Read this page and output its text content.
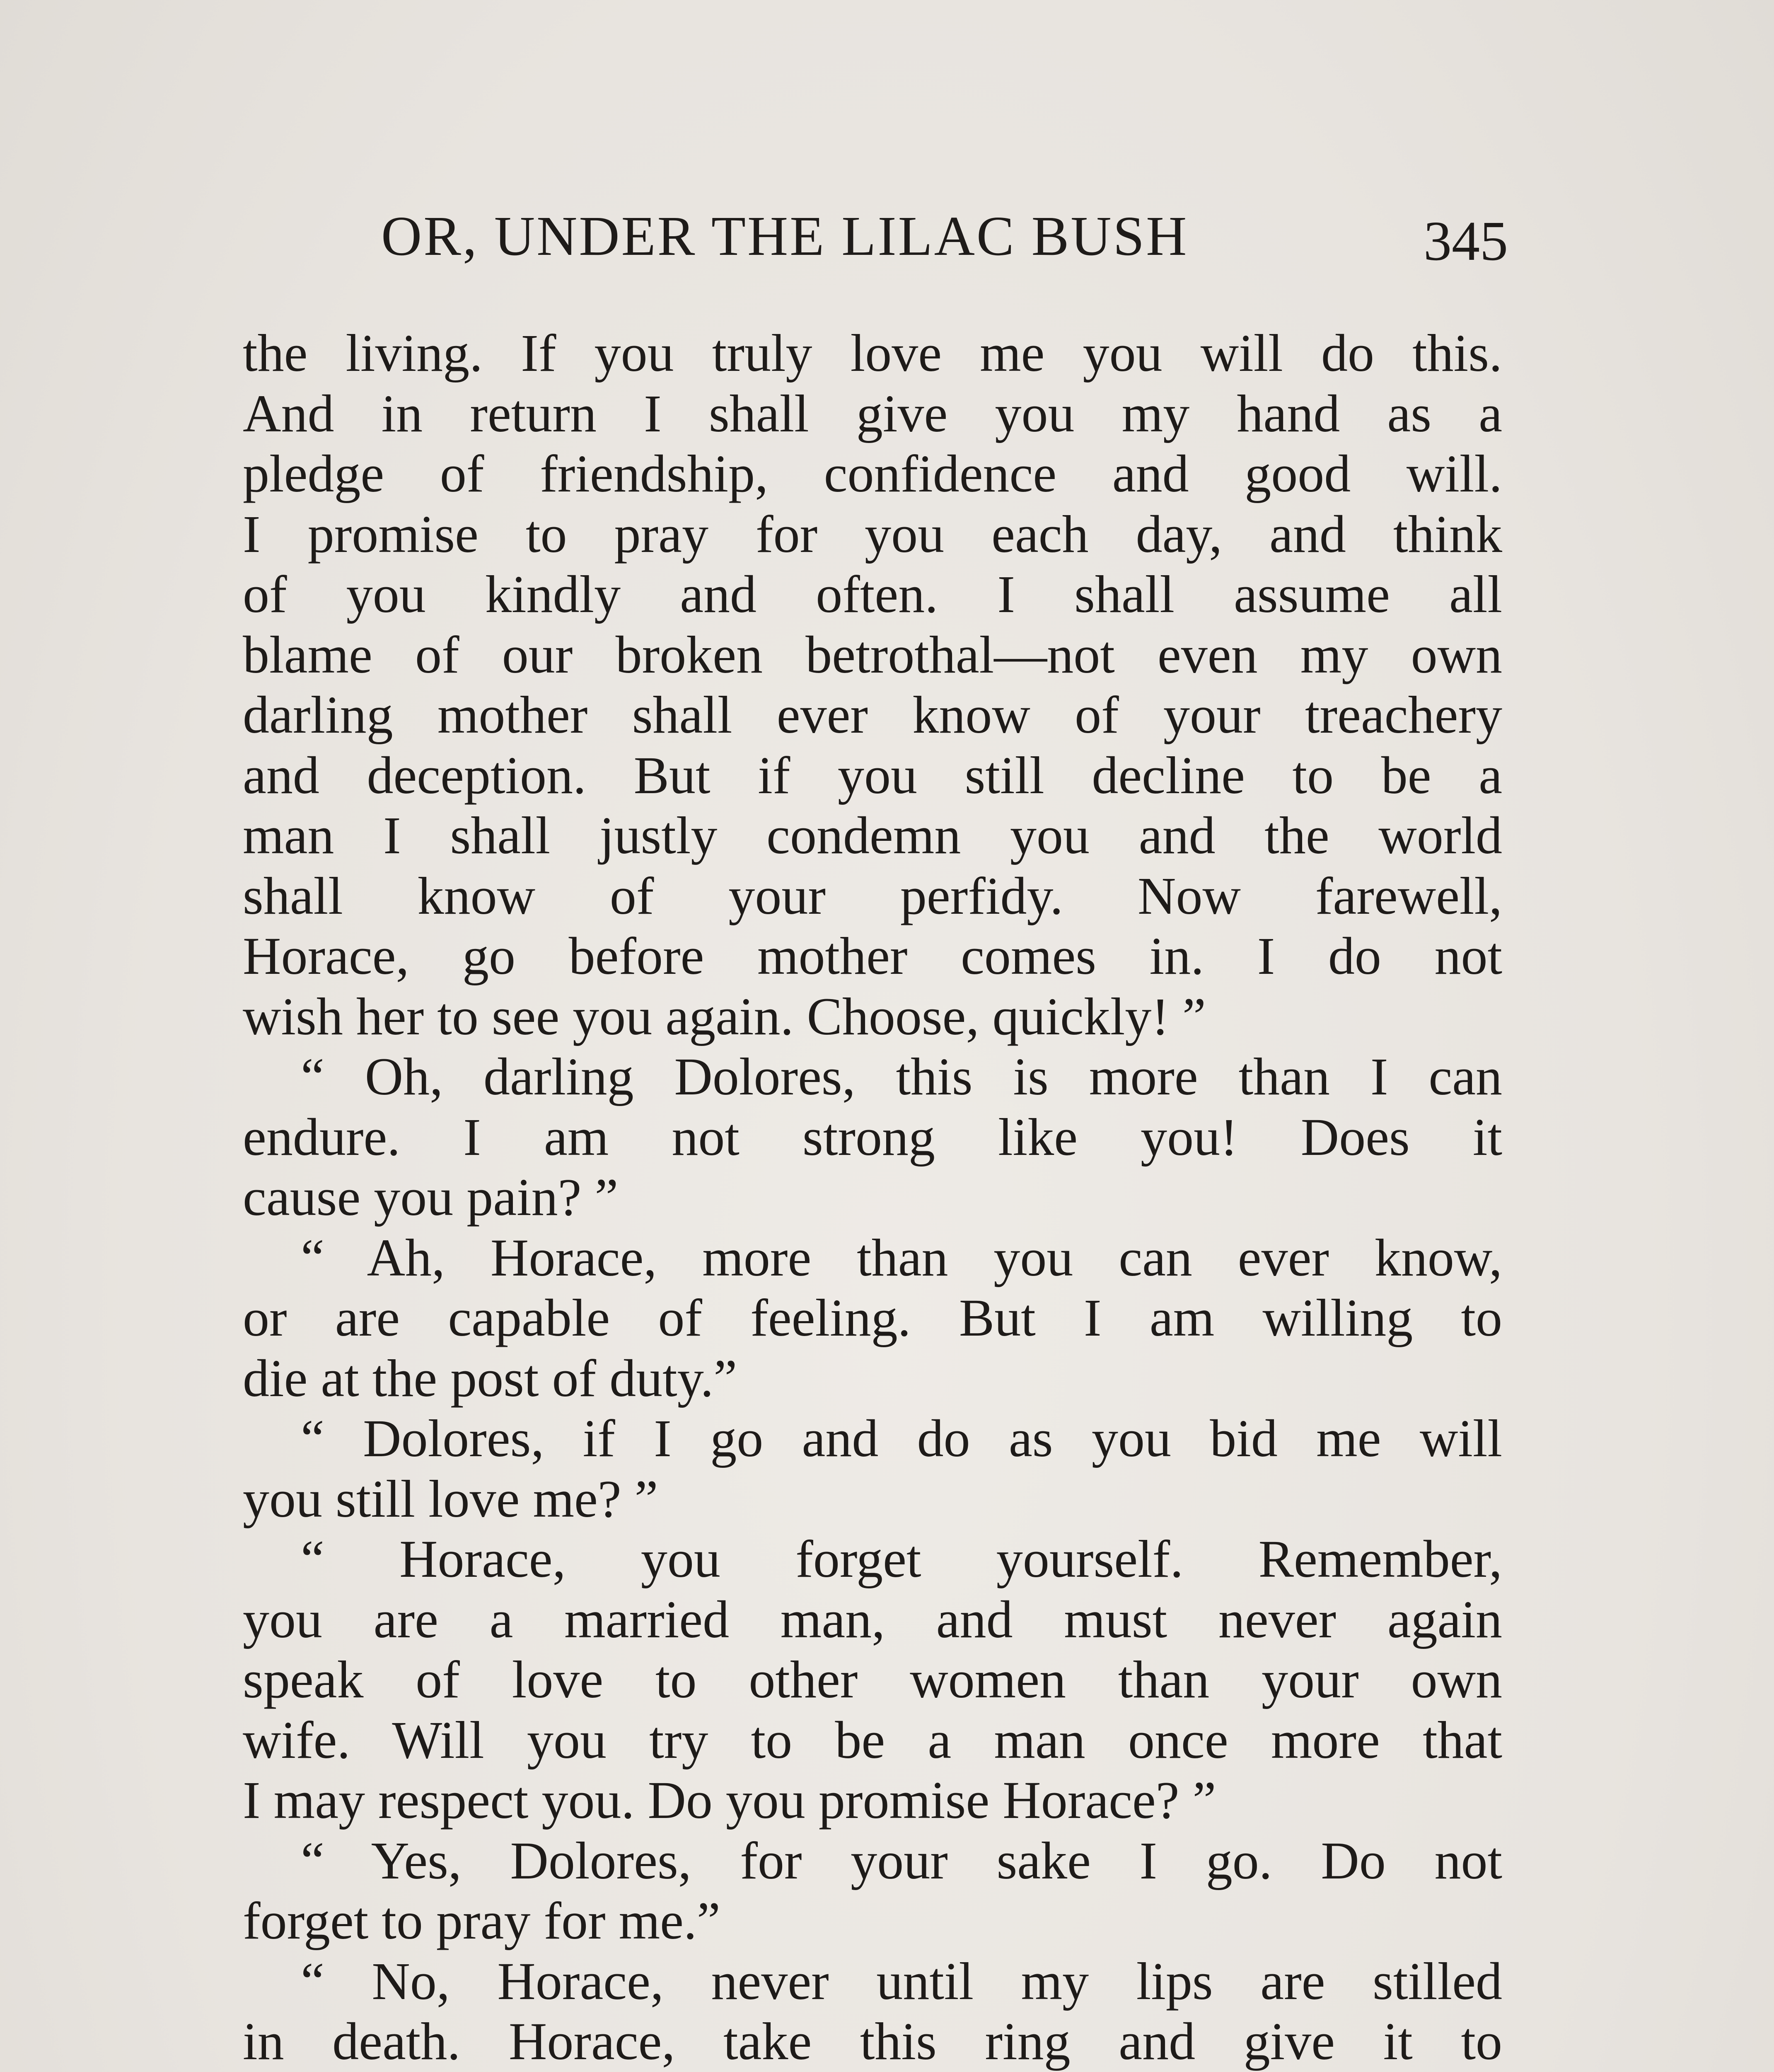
OR, UNDER THE LILAC BUSH	345
the living. If you truly love me you will do this.
And in return I shall give you my hand as a
pledge of friendship, confidence and good will.
I promise to pray for you each day, and think
of you kindly and often. I shall assume all
blame of our broken betrothal—not even my own
darling mother shall ever know of your treachery
and deception. But if you still decline to be a
man I shall justly condemn you and the world
shall know of your perfidy. Now farewell,
Horace, go before mother comes in. I do not
wish her to see you again. Choose, quickly! ”
“ Oh, darling Dolores, this is more than I can
endure. I am not strong like you! Does it
cause you pain? ”
“ Ah, Horace, more than you can ever know,
or are capable of feeling. But I am willing to
die at the post of duty.”
“ Dolores, if I go and do as you bid me will
you still love me? ”
“ Horace, you forget yourself. Remember,
you are a married man, and must never again
speak of love to other women than your own
wife. Will you try to be a man once more that
I may respect you. Do you promise Horace? ”
“ Yes, Dolores, for your sake I go. Do not
forget to pray for me.”
“ No, Horace, never until my lips are stilled
in death. Horace, take this ring and give it to
